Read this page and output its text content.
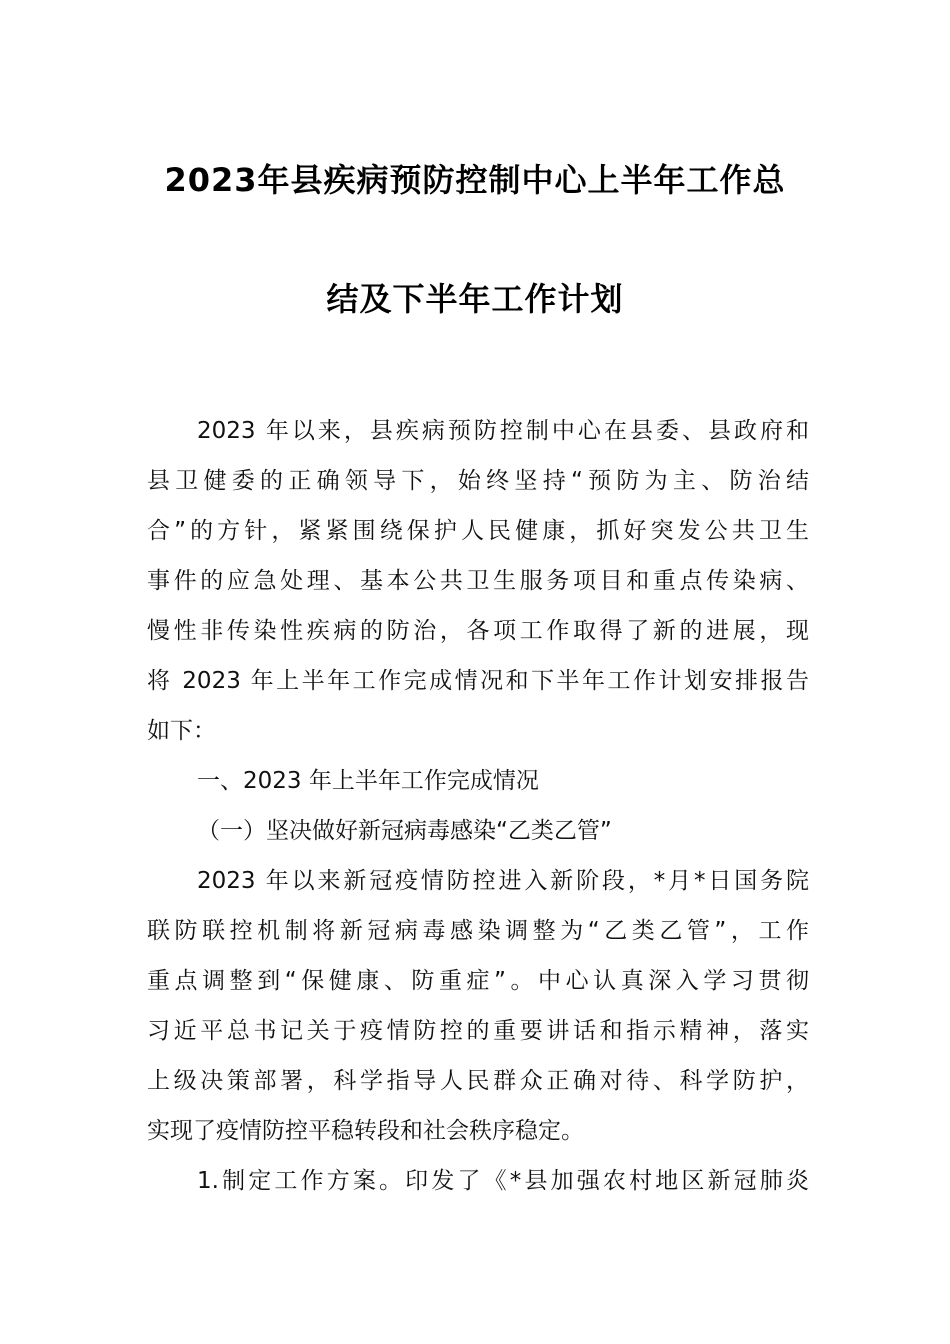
2023年县疾病预防控制中心上半年工作总
结及下半年工作计划
2023 年以来，县疾病预防控制中心在县委、县政府和
县卫健委的正确领导下，始终坚持“预防为主、防治结
合”的方针，紧紧围绕保护人民健康，抓好突发公共卫生
事件的应急处理、基本公共卫生服务项目和重点传染病、
慢性非传染性疾病的防治，各项工作取得了新的进展，现
将 2023 年上半年工作完成情况和下半年工作计划安排报告
如下：
一、2023 年上半年工作完成情况
（一）坚决做好新冠病毒感染“乙类乙管”
2023 年以来新冠疫情防控进入新阶段，*月*日国务院
联防联控机制将新冠病毒感染调整为“乙类乙管”，工作
重点调整到“保健康、防重症”。中心认真深入学习贯彻
习近平总书记关于疫情防控的重要讲话和指示精神，落实
上级决策部署，科学指导人民群众正确对待、科学防护，
实现了疫情防控平稳转段和社会秩序稳定。
1.制定工作方案。印发了《*县加强农村地区新冠肺炎
